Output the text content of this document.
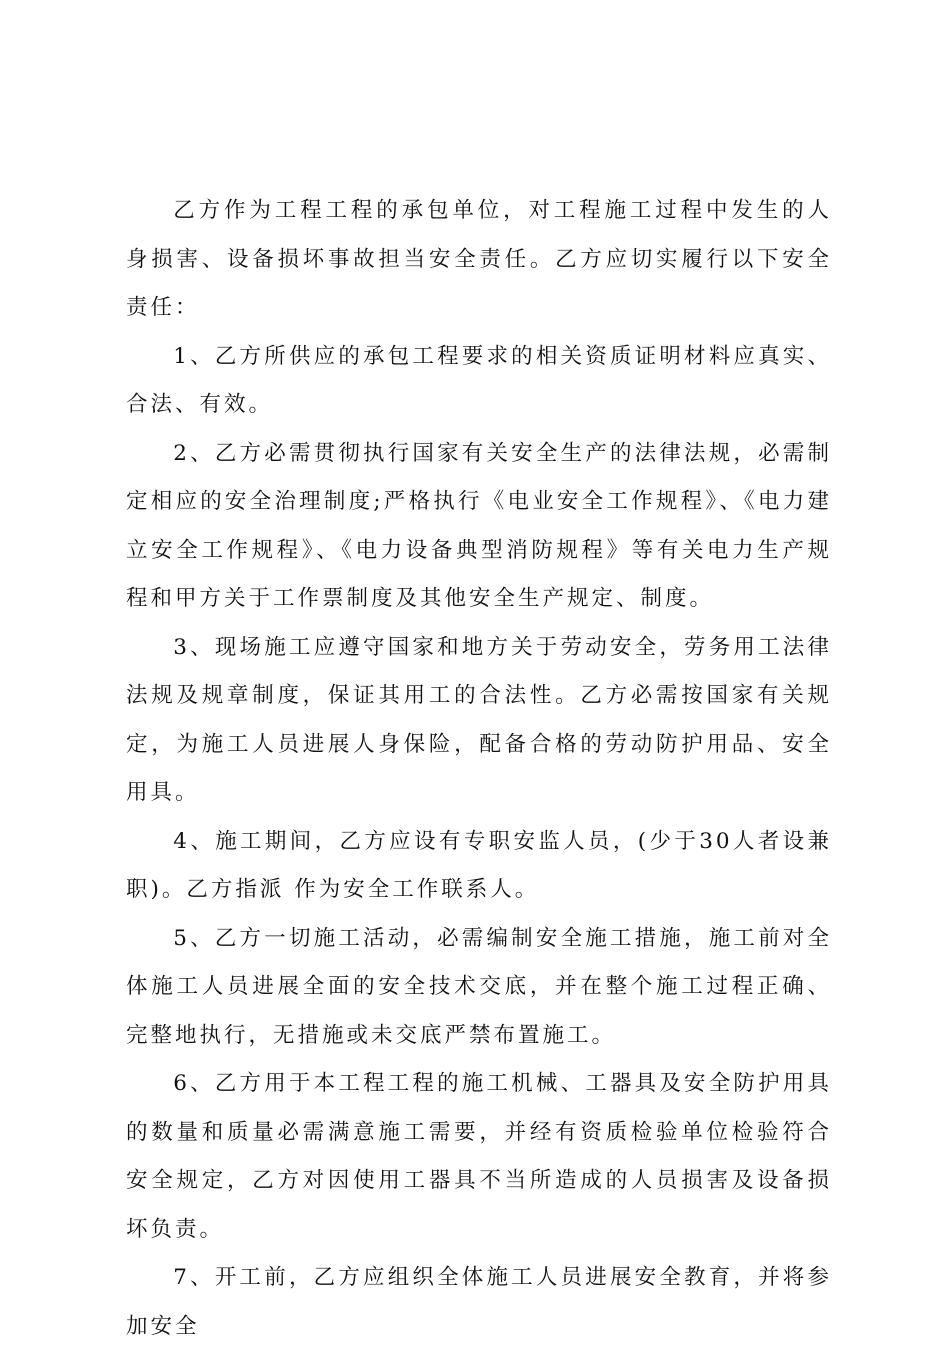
乙方作为工程工程的承包单位，对工程施工过程中发生的人身损害、设备损坏事故担当安全责任。乙方应切实履行以下安全责任：

1、乙方所供应的承包工程要求的相关资质证明材料应真实、合法、有效。

2、乙方必需贯彻执行国家有关安全生产的法律法规，必需制定相应的安全治理制度;严格执行《电业安全工作规程》、《电力建立安全工作规程》、《电力设备典型消防规程》等有关电力生产规程和甲方关于工作票制度及其他安全生产规定、制度。

3、现场施工应遵守国家和地方关于劳动安全，劳务用工法律法规及规章制度，保证其用工的合法性。乙方必需按国家有关规定，为施工人员进展人身保险，配备合格的劳动防护用品、安全用具。

4、施工期间，乙方应设有专职安监人员，(少于30人者设兼职)。乙方指派 作为安全工作联系人。

5、乙方一切施工活动，必需编制安全施工措施，施工前对全体施工人员进展全面的安全技术交底，并在整个施工过程正确、完整地执行，无措施或未交底严禁布置施工。

6、乙方用于本工程工程的施工机械、工器具及安全防护用具的数量和质量必需满意施工需要，并经有资质检验单位检验符合安全规定，乙方对因使用工器具不当所造成的人员损害及设备损坏负责。

7、开工前，乙方应组织全体施工人员进展安全教育，并将参加安全
